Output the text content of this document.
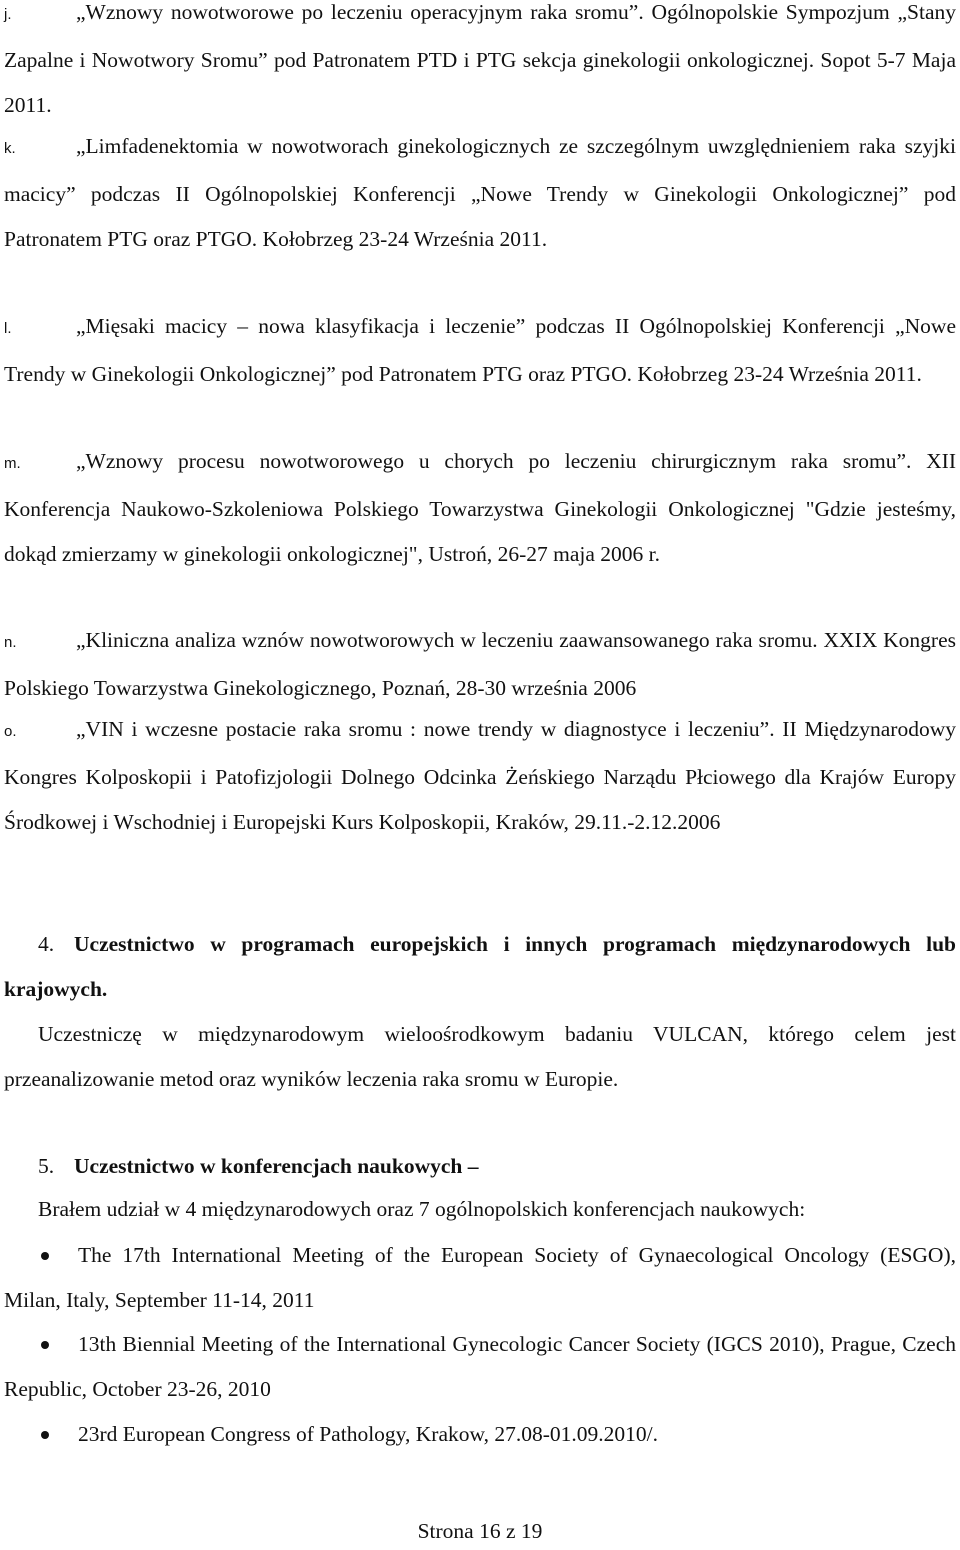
j.	„Wznowy nowotworowe po leczeniu operacyjnym raka sromu”. Ogólnopolskie Sympozjum „Stany Zapalne i Nowotwory Sromu” pod Patronatem PTD i PTG sekcja ginekologii onkologicznej. Sopot 5-7 Maja 2011.
k.	„Limfadenektomia w nowotworach ginekologicznych ze szczególnym uwzględnieniem raka szyjki macicy” podczas II Ogólnopolskiej Konferencji „Nowe Trendy w Ginekologii Onkologicznej” pod Patronatem PTG oraz PTGO. Kołobrzeg 23-24 Września 2011.
l.	„Mięsaki macicy – nowa klasyfikacja i leczenie” podczas II Ogólnopolskiej Konferencji „Nowe Trendy w Ginekologii Onkologicznej” pod Patronatem PTG oraz PTGO. Kołobrzeg 23-24 Września 2011.
m.	„Wznowy procesu nowotworowego u chorych po leczeniu chirurgicznym raka sromu”. XII Konferencja Naukowo-Szkoleniowa Polskiego Towarzystwa Ginekologii Onkologicznej "Gdzie jesteśmy, dokąd zmierzamy w ginekologii onkologicznej", Ustroń, 26-27 maja 2006 r.
n.	„Kliniczna analiza wznów nowotworowych w leczeniu zaawansowanego raka sromu. XXIX Kongres Polskiego Towarzystwa Ginekologicznego, Poznań, 28-30 września 2006
o.	„VIN i wczesne postacie raka sromu : nowe trendy w diagnostyce i leczeniu”. II Międzynarodowy Kongres Kolposkopii i Patofizjologii Dolnego Odcinka Żeńskiego Narządu Płciowego dla Krajów Europy Środkowej i Wschodniej i Europejski Kurs Kolposkopii, Kraków, 29.11.-2.12.2006
4. Uczestnictwo w programach europejskich i innych programach międzynarodowych lub krajowych.
Uczestniczę w międzynarodowym wieloośrodkowym badaniu VULCAN, którego celem jest przeanalizowanie metod oraz wyników leczenia raka sromu w Europie.
5. Uczestnictwo w konferencjach naukowych –
Brałem udział w 4 międzynarodowych oraz 7 ogólnopolskich konferencjach naukowych:
The 17th International Meeting of the European Society of Gynaecological Oncology (ESGO), Milan, Italy, September 11-14, 2011
13th Biennial Meeting of the International Gynecologic Cancer Society (IGCS 2010), Prague, Czech Republic, October 23-26, 2010
23rd European Congress of Pathology, Krakow, 27.08-01.09.2010/.
Strona 16 z 19
